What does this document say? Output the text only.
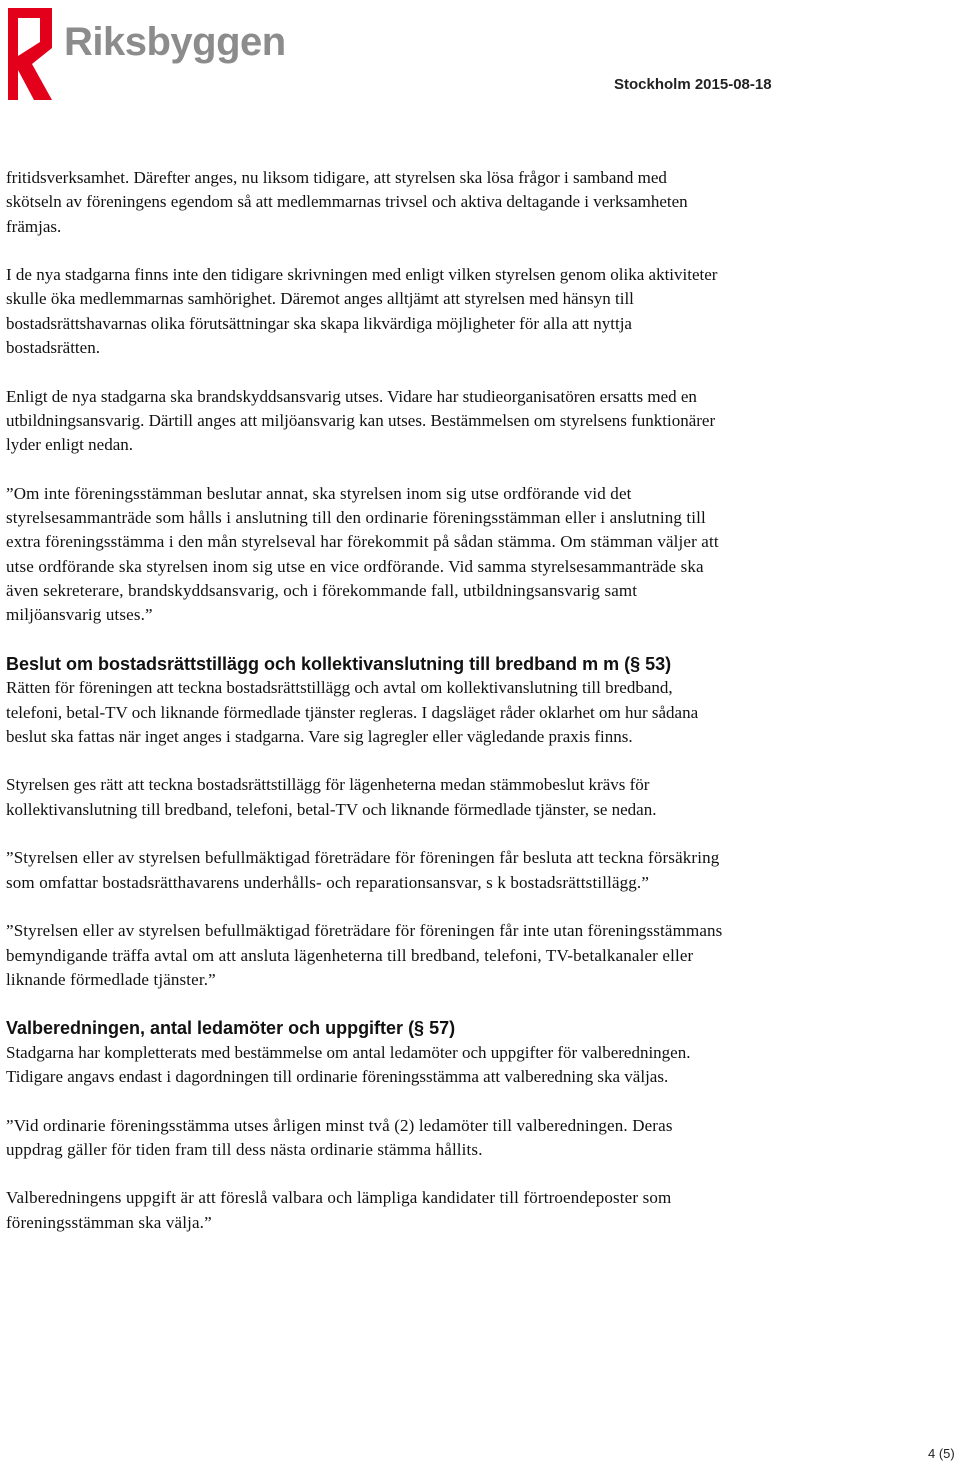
Riksbyggen
Stockholm 2015-08-18

fritidsverksamhet. Därefter anges, nu liksom tidigare, att styrelsen ska lösa frågor i samband med skötseln av föreningens egendom så att medlemmarnas trivsel och aktiva deltagande i verksamheten främjas.

I de nya stadgarna finns inte den tidigare skrivningen med enligt vilken styrelsen genom olika aktiviteter skulle öka medlemmarnas samhörighet. Däremot anges alltjämt att styrelsen med hänsyn till bostadsrättshavarnas olika förutsättningar ska skapa likvärdiga möjligheter för alla att nyttja bostadsrätten.

Enligt de nya stadgarna ska brandskyddsansvarig utses. Vidare har studieorganisatören ersatts med en utbildningsansvarig. Därtill anges att miljöansvarig kan utses. Bestämmelsen om styrelsens funktionärer lyder enligt nedan.

”Om inte föreningsstämman beslutar annat, ska styrelsen inom sig utse ordförande vid det styrelsesammanträde som hålls i anslutning till den ordinarie föreningsstämman eller i anslutning till extra föreningsstämma i den mån styrelseval har förekommit på sådan stämma. Om stämman väljer att utse ordförande ska styrelsen inom sig utse en vice ordförande. Vid samma styrelsesammanträde ska även sekreterare, brandskyddsansvarig, och i förekommande fall, utbildningsansvarig samt miljöansvarig utses.”

Beslut om bostadsrättstillägg och kollektivanslutning till bredband m m (§ 53)

Rätten för föreningen att teckna bostadsrättstillägg och avtal om kollektivanslutning till bredband, telefoni, betal-TV och liknande förmedlade tjänster regleras. I dagsläget råder oklarhet om hur sådana beslut ska fattas när inget anges i stadgarna. Vare sig lagregler eller vägledande praxis finns.

Styrelsen ges rätt att teckna bostadsrättstillägg för lägenheterna medan stämmobeslut krävs för kollektivanslutning till bredband, telefoni, betal-TV och liknande förmedlade tjänster, se nedan.

”Styrelsen eller av styrelsen befullmäktigad företrädare för föreningen får besluta att teckna försäkring som omfattar bostadsrätthavarens underhålls- och reparationsansvar, s k bostadsrättstillägg.”

”Styrelsen eller av styrelsen befullmäktigad företrädare för föreningen får inte utan föreningsstämmans bemyndigande träffa avtal om att ansluta lägenheterna till bredband, telefoni, TV-betalkanaler eller liknande förmedlade tjänster.”

Valberedningen, antal ledamöter och uppgifter (§ 57)

Stadgarna har kompletterats med bestämmelse om antal ledamöter och uppgifter för valberedningen. Tidigare angavs endast i dagordningen till ordinarie föreningsstämma att valberedning ska väljas.

”Vid ordinarie föreningsstämma utses årligen minst två (2) ledamöter till valberedningen. Deras uppdrag gäller för tiden fram till dess nästa ordinarie stämma hållits.

Valberedningens uppgift är att föreslå valbara och lämpliga kandidater till förtroendeposter som föreningsstämman ska välja.”

4 (5)
